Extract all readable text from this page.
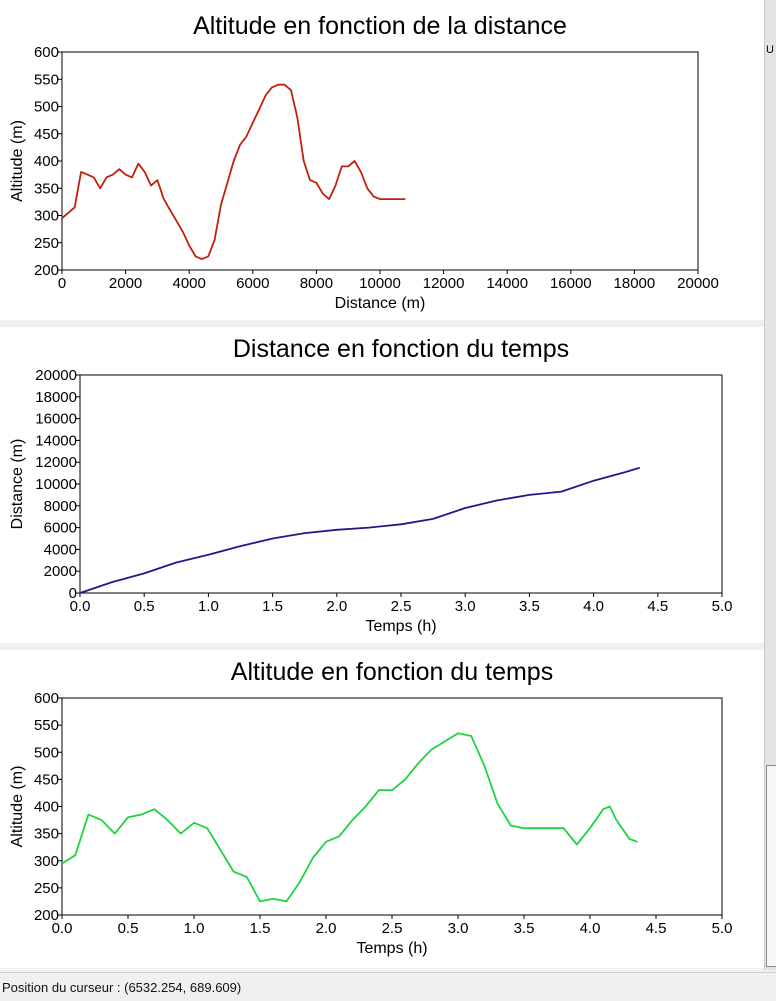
Altitude en fonction de la distance
200
250
300
350
400
450
500
550
600
0	2000 4000 6000 8000 10000 12000 14000 16000 18000 20000
Distance (m)
Altitude (m)
Distance en fonction du temps
0
2000
4000
6000
8000
10000
12000
14000
16000
18000
20000
0.0	0.5	1.0	1.5	2.0	2.5	3.0	3.5	4.0	4.5	5.0
Temps (h)
Distance (m)
Altitude en fonction du temps
200
250
300
350
400
450
500
550
600
0.0	0.5	1.0	1.5	2.0	2.5	3.0	3.5	4.0	4.5	5.0
Temps (h)
Altitude (m)
U
Position du curseur : (6532.254, 689.609)
